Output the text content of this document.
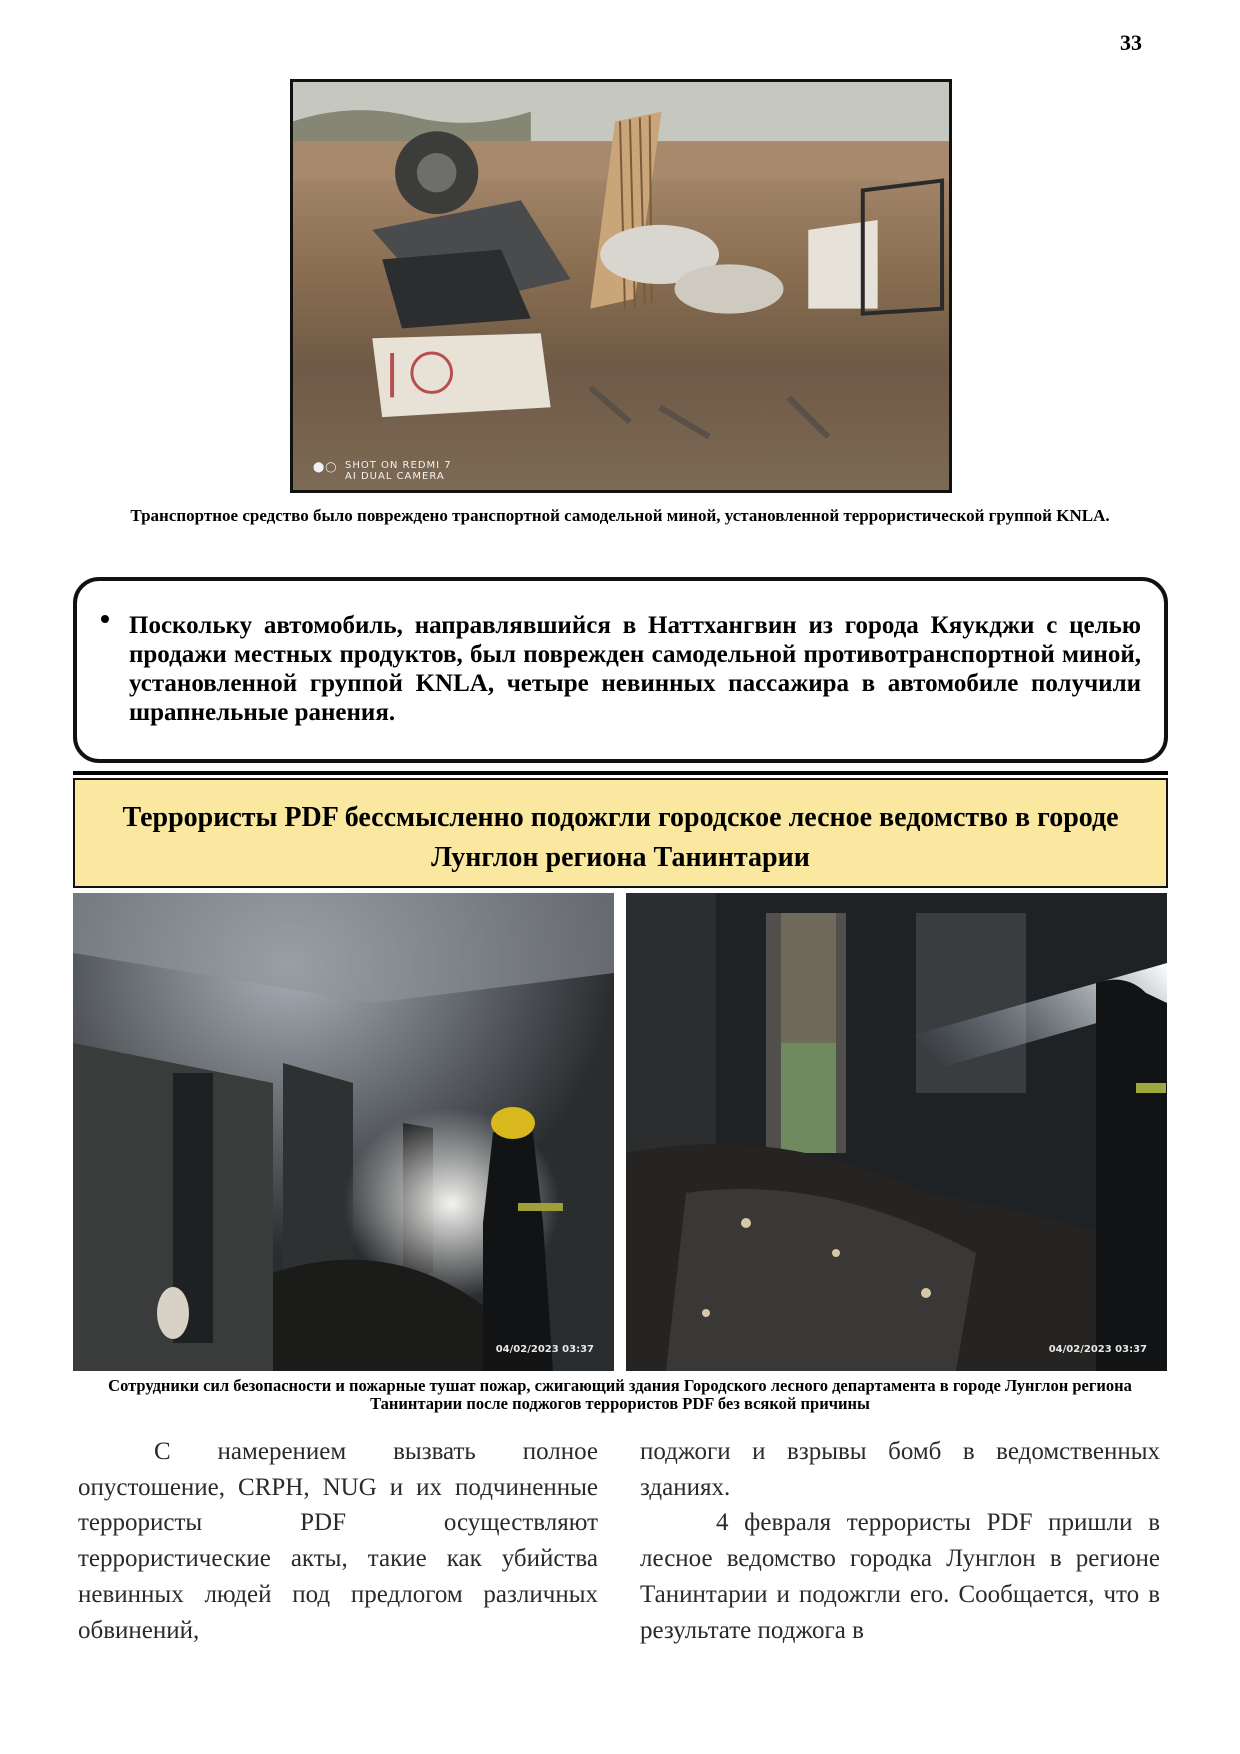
33
⬤◯ SHOT ON REDMI 7
AI DUAL CAMERA
Транспортное средство было повреждено транспортной самодельной миной, установленной террористической группой KNLA.
Поскольку автомобиль, направлявшийся в Наттхангвин из города Кяукджи с целью продажи местных продуктов, был поврежден самодельной противотранспортной миной, установленной группой KNLA, четыре невинных пассажира в автомобиле получили шрапнельные ранения.
Террористы PDF бессмысленно подожгли городское лесное ведомство в городе Лунглон региона Танинтарии
04/02/2023 03:37	04/02/2023 03:37
Сотрудники сил безопасности и пожарные тушат пожар, сжигающий здания Городского лесного департамента в городе Лунглон региона Танинтарии после поджогов террористов PDF без всякой причины

С намерением вызвать полное опустошение, CRPH, NUG и их подчиненные террористы PDF осуществляют террористические акты, такие как убийства невинных людей под предлогом различных обвинений,

поджоги и взрывы бомб в ведомственных зданиях.

4 февраля террористы PDF пришли в лесное ведомство городка Лунглон в регионе Танинтарии и подожгли его. Сообщается, что в результате поджога в
